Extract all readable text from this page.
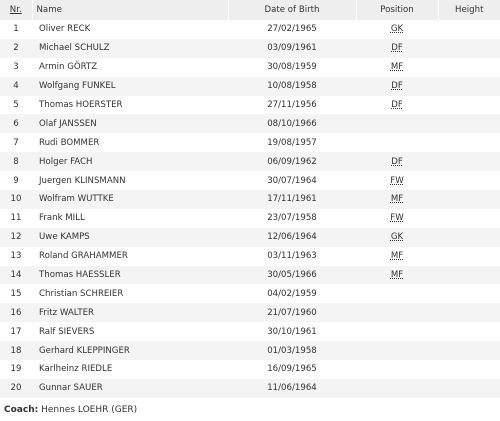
Nr.	Name	Date of Birth	Position	Height
1	Oliver RECK	27/02/1965	GK	
2	Michael SCHULZ	03/09/1961	DF	
3	Armin GÖRTZ	30/08/1959	MF	
4	Wolfgang FUNKEL	10/08/1958	DF	
5	Thomas HOERSTER	27/11/1956	DF	
6	Olaf JANSSEN	08/10/1966		
7	Rudi BOMMER	19/08/1957		
8	Holger FACH	06/09/1962	DF	
9	Juergen KLINSMANN	30/07/1964	FW	
10	Wolfram WUTTKE	17/11/1961	MF	
11	Frank MILL	23/07/1958	FW	
12	Uwe KAMPS	12/06/1964	GK	
13	Roland GRAHAMMER	03/11/1963	MF	
14	Thomas HAESSLER	30/05/1966	MF	
15	Christian SCHREIER	04/02/1959		
16	Fritz WALTER	21/07/1960		
17	Ralf SIEVERS	30/10/1961		
18	Gerhard KLEPPINGER	01/03/1958		
19	Karlheinz RIEDLE	16/09/1965		
20	Gunnar SAUER	11/06/1964		
Coach: Hennes LOEHR (GER)
